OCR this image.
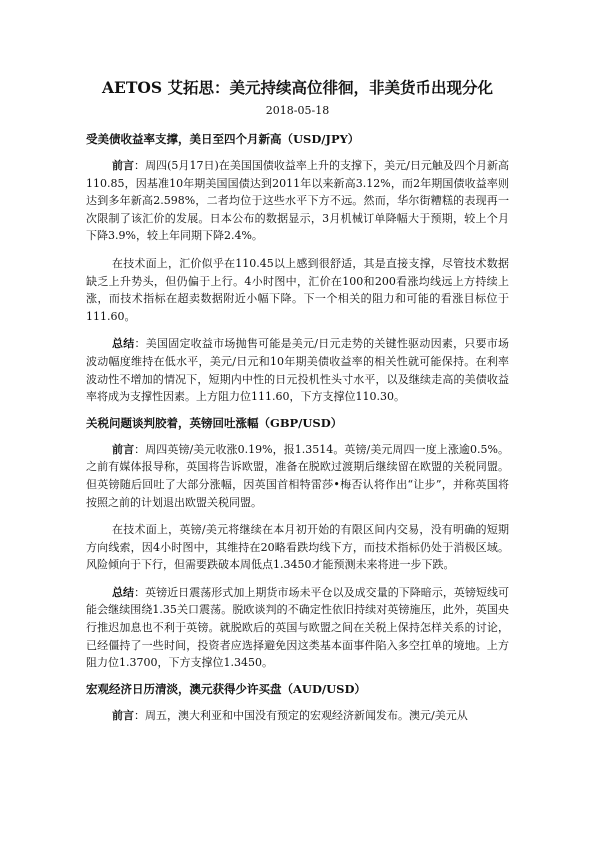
AETOS 艾拓思：美元持续高位徘徊，非美货币出现分化
2018-05-18
受美债收益率支撑，美日至四个月新高（USD/JPY）

前言：周四(5月17日)在美国国债收益率上升的支撑下，美元/日元触及四个月新高110.85，因基准10年期美国国债达到2011年以来新高3.12%，而2年期国债收益率则达到多年新高2.598%，二者均位于这些水平下方不远。然而，华尔街糟糕的表现再一次限制了该汇价的发展。日本公布的数据显示，3月机械订单降幅大于预期，较上个月下降3.9%，较上年同期下降2.4%。

在技术面上，汇价似乎在110.45以上感到很舒适，其是直接支撑，尽管技术数据缺乏上升势头，但仍偏于上行。4小时图中，汇价在100和200看涨均线远上方持续上涨，而技术指标在超卖数据附近小幅下降。下一个相关的阻力和可能的看涨目标位于111.60。

总结：美国固定收益市场抛售可能是美元/日元走势的关键性驱动因素，只要市场波动幅度维持在低水平，美元/日元和10年期美债收益率的相关性就可能保持。在利率波动性不增加的情况下，短期内中性的日元投机性头寸水平，以及继续走高的美债收益率将成为支撑性因素。上方阻力位111.60，下方支撑位110.30。

关税问题谈判胶着，英镑回吐涨幅（GBP/USD）

前言：周四英镑/美元收涨0.19%，报1.3514。英镑/美元周四一度上涨逾0.5%。之前有媒体报导称，英国将告诉欧盟，准备在脱欧过渡期后继续留在欧盟的关税同盟。但英镑随后回吐了大部分涨幅，因英国首相特雷莎•梅否认将作出“让步”，并称英国将按照之前的计划退出欧盟关税同盟。

在技术面上，英镑/美元将继续在本月初开始的有限区间内交易，没有明确的短期方向线索，因4小时图中，其维持在20略看跌均线下方，而技术指标仍处于消极区域。风险倾向于下行，但需要跌破本周低点1.3450才能预测未来将进一步下跌。

总结：英镑近日震荡形式加上期货市场未平仓以及成交量的下降暗示，英镑短线可能会继续围绕1.35关口震荡。脱欧谈判的不确定性依旧持续对英镑施压，此外，英国央行推迟加息也不利于英镑。就脱欧后的英国与欧盟之间在关税上保持怎样关系的讨论，已经僵持了一些时间，投资者应选择避免因这类基本面事件陷入多空扛单的境地。上方阻力位1.3700，下方支撑位1.3450。

宏观经济日历清淡，澳元获得少许买盘（AUD/USD）

前言：周五，澳大利亚和中国没有预定的宏观经济新闻发布。澳元/美元从
